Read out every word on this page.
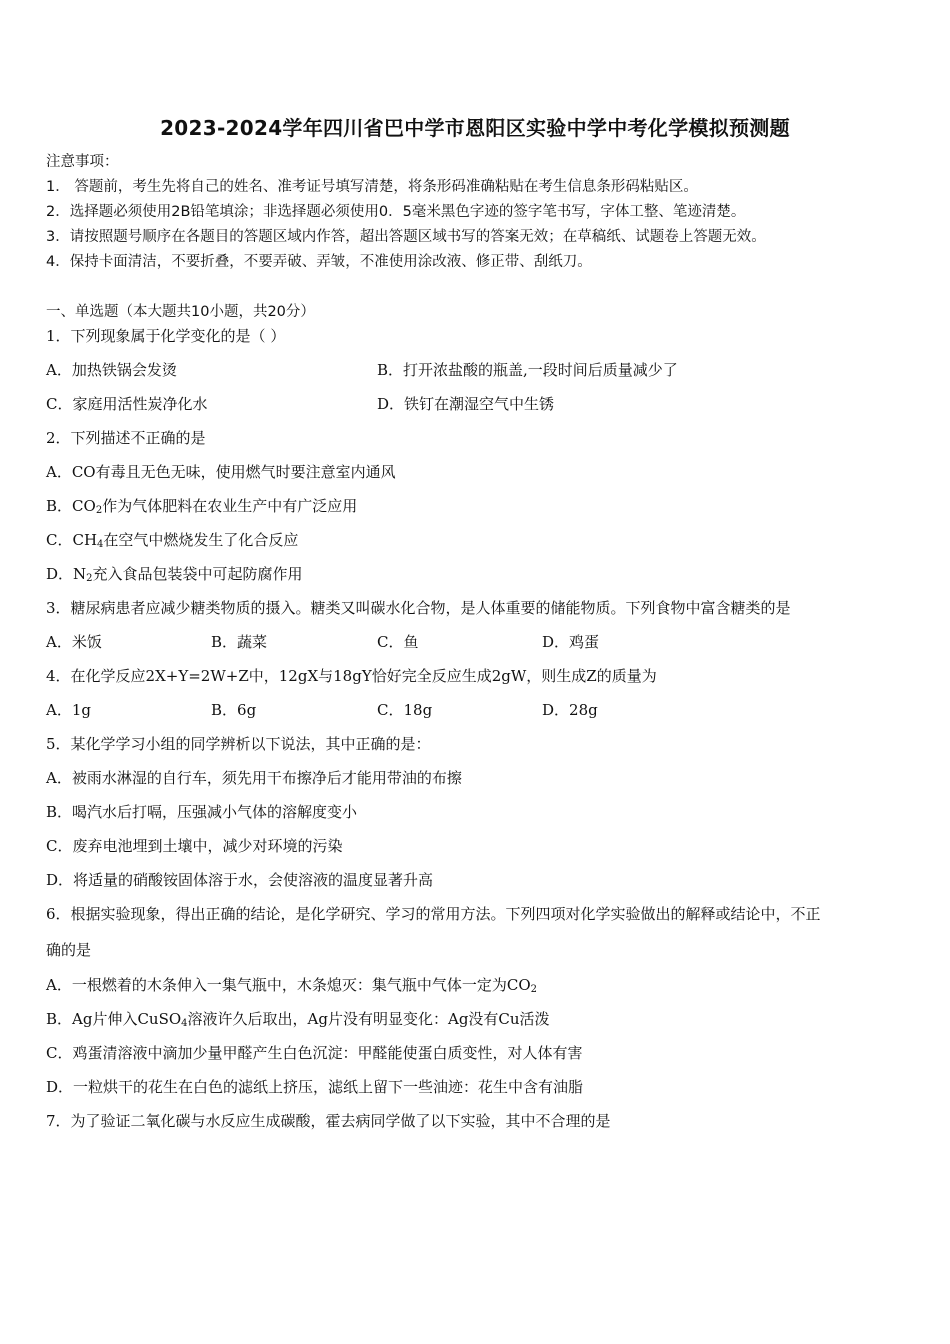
2023-2024学年四川省巴中学市恩阳区实验中学中考化学模拟预测题
注意事项：
1． 答题前，考生先将自己的姓名、准考证号填写清楚，将条形码准确粘贴在考生信息条形码粘贴区。
2．选择题必须使用2B铅笔填涂；非选择题必须使用0．5毫米黑色字迹的签字笔书写，字体工整、笔迹清楚。
3．请按照题号顺序在各题目的答题区域内作答，超出答题区域书写的答案无效；在草稿纸、试题卷上答题无效。
4．保持卡面清洁，不要折叠，不要弄破、弄皱，不准使用涂改液、修正带、刮纸刀。
一、单选题（本大题共10小题，共20分）
1．下列现象属于化学变化的是（ ）
A．加热铁锅会发烫	B．打开浓盐酸的瓶盖,一段时间后质量减少了
C．家庭用活性炭净化水	D．铁钉在潮湿空气中生锈
2．下列描述不正确的是
A．CO有毒且无色无味，使用燃气时要注意室内通风
B．$CO_2$作为气体肥料在农业生产中有广泛应用
C．$CH_4$在空气中燃烧发生了化合反应
D．$N_2$充入食品包装袋中可起防腐作用
3．糖尿病患者应减少糖类物质的摄入。糖类又叫碳水化合物，是人体重要的储能物质。下列食物中富含糖类的是
A．米饭	B．蔬菜	C．鱼	D．鸡蛋
4．在化学反应2X+Y=2W+Z中，12gX与18gY恰好完全反应生成2gW，则生成Z的质量为
A．1g	B．6g	C．18g	D．28g
5．某化学学习小组的同学辨析以下说法，其中正确的是：
A．被雨水淋湿的自行车，须先用干布擦净后才能用带油的布擦
B．喝汽水后打嗝，压强减小气体的溶解度变小
C．废弃电池埋到土壤中，减少对环境的污染
D．将适量的硝酸铵固体溶于水，会使溶液的温度显著升高
6．根据实验现象，得出正确的结论，是化学研究、学习的常用方法。下列四项对化学实验做出的解释或结论中，不正
确的是
A．一根燃着的木条伸入一集气瓶中，木条熄灭：集气瓶中气体一定为$CO_2$
B．Ag片伸入CuSO$_4$溶液许久后取出，Ag片没有明显变化：Ag没有Cu活泼
C．鸡蛋清溶液中滴加少量甲醛产生白色沉淀：甲醛能使蛋白质变性，对人体有害
D．一粒烘干的花生在白色的滤纸上挤压，滤纸上留下一些油迹：花生中含有油脂
7．为了验证二氧化碳与水反应生成碳酸，霍去病同学做了以下实验，其中不合理的是
